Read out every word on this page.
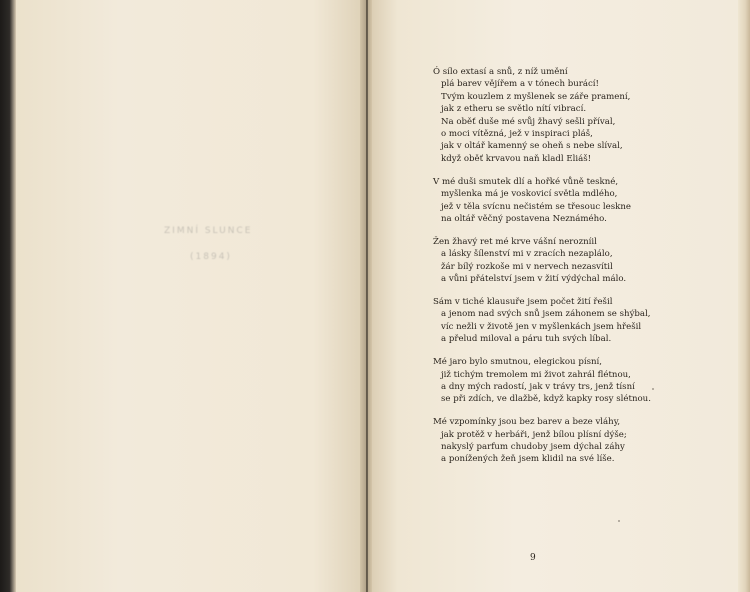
ZIMNÍ SLUNCE
(1894)
Ó sílo extasí a snů, z níž umění
plá barev vějířem a v tónech burácí!
Tvým kouzlem z myšlenek se záře pramení,
jak z etheru se světlo nítí vibrací.
Na oběť duše mé svůj žhavý sešli příval,
o moci vítězná, jež v inspiraci pláš,
jak v oltář kamenný se oheň s nebe slíval,
když oběť krvavou naň kladl Eliáš!
V mé duši smutek dlí a hořké vůně teskné,
myšlenka má je voskovicí světla mdlého,
jež v těla svícnu nečistém se třesouc leskne
na oltář věčný postavena Neznámého.
Žen žhavý ret mé krve vášní nerozníil
a lásky šílenství mi v zracích nezaplálo,
žár bílý rozkoše mi v nervech nezasvítil
a vůni přátelství jsem v žití výdýchal málo.
Sám v tiché klausuře jsem počet žití řešil
a jenom nad svých snů jsem záhonem se shýbal,
víc nežli v životě jen v myšlenkách jsem hřešil
a přelud miloval a páru tuh svých líbal.
Mé jaro bylo smutnou, elegickou písní,
již tichým tremolem mi život zahrál flétnou,
a dny mých radostí, jak v trávy trs, jenž tísní
se při zdích, ve dlažbě, když kapky rosy slétnou.
Mé vzpomínky jsou bez barev a beze vláhy,
jak protěž v herbáři, jenž bílou plísní dýše;
nakyslý parfum chudoby jsem dýchal záhy
a ponížených žeň jsem klidil na své líše.
9
